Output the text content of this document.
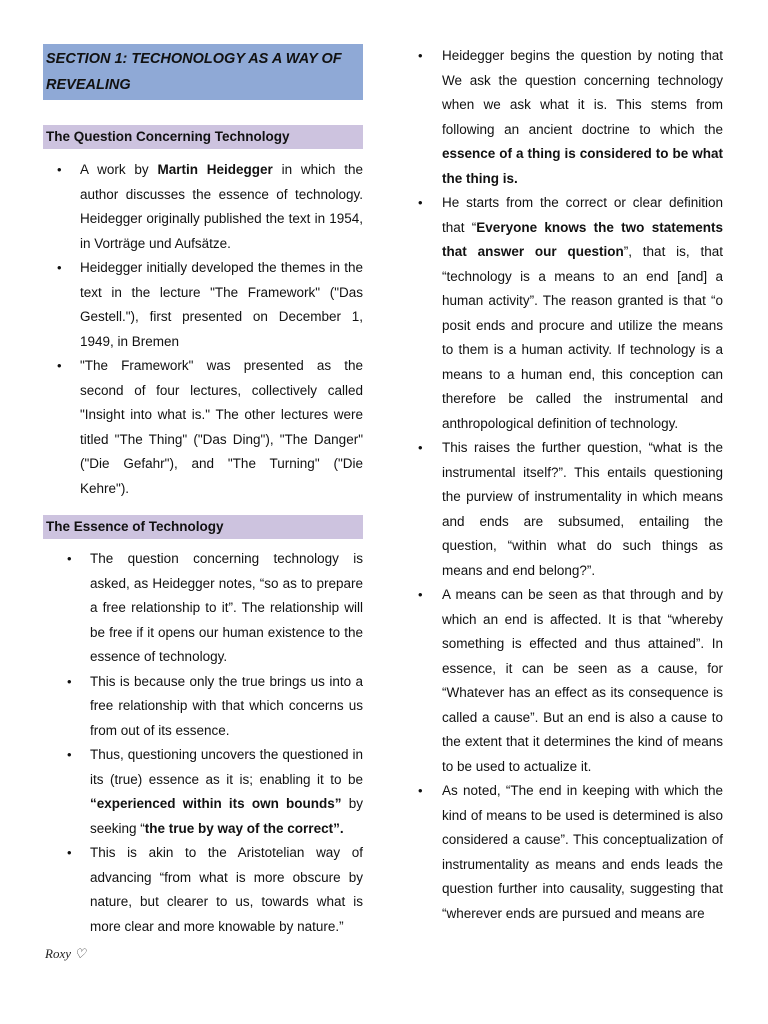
SECTION 1: TECHONOLOGY AS A WAY OF REVEALING
The Question Concerning Technology
• A work by Martin Heidegger in which the author discusses the essence of technology. Heidegger originally published the text in 1954, in Vorträge und Aufsätze.
• Heidegger initially developed the themes in the text in the lecture "The Framework" ("Das Gestell."), first presented on December 1, 1949, in Bremen
• "The Framework" was presented as the second of four lectures, collectively called "Insight into what is." The other lectures were titled "The Thing" ("Das Ding"), "The Danger" ("Die Gefahr"), and "The Turning" ("Die Kehre").
The Essence of Technology
• The question concerning technology is asked, as Heidegger notes, “so as to prepare a free relationship to it”. The relationship will be free if it opens our human existence to the essence of technology.
• This is because only the true brings us into a free relationship with that which concerns us from out of its essence.
• Thus, questioning uncovers the questioned in its (true) essence as it is; enabling it to be “experienced within its own bounds” by seeking “the true by way of the correct”.
• This is akin to the Aristotelian way of advancing “from what is more obscure by nature, but clearer to us, towards what is more clear and more knowable by nature.”
• Heidegger begins the question by noting that We ask the question concerning technology when we ask what it is. This stems from following an ancient doctrine to which the essence of a thing is considered to be what the thing is.
• He starts from the correct or clear definition that “Everyone knows the two statements that answer our question”, that is, that “technology is a means to an end [and] a human activity”. The reason granted is that “o posit ends and procure and utilize the means to them is a human activity. If technology is a means to a human end, this conception can therefore be called the instrumental and anthropological definition of technology.
• This raises the further question, “what is the instrumental itself?”. This entails questioning the purview of instrumentality in which means and ends are subsumed, entailing the question, “within what do such things as means and end belong?”.
• A means can be seen as that through and by which an end is affected. It is that “whereby something is effected and thus attained”. In essence, it can be seen as a cause, for “Whatever has an effect as its consequence is called a cause”. But an end is also a cause to the extent that it determines the kind of means to be used to actualize it.
• As noted, “The end in keeping with which the kind of means to be used is determined is also considered a cause”. This conceptualization of instrumentality as means and ends leads the question further into causality, suggesting that “wherever ends are pursued and means are
Roxy ♡
